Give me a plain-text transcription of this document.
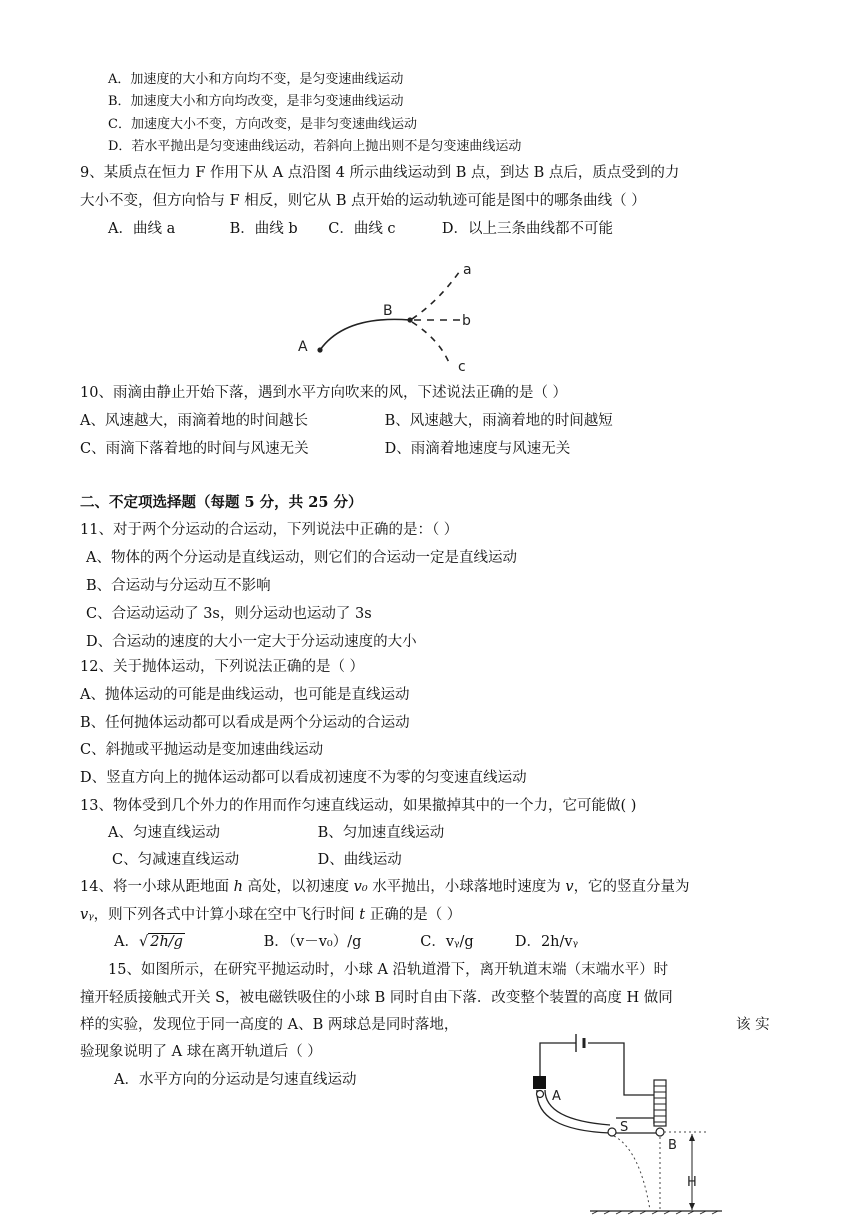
A．加速度的大小和方向均不变，是匀变速曲线运动
B．加速度大小和方向均改变，是非匀变速曲线运动
C．加速度大小不变，方向改变，是非匀变速曲线运动
D．若水平抛出是匀变速曲线运动，若斜向上抛出则不是匀变速曲线运动
9、某质点在恒力 F 作用下从 A 点沿图 4 所示曲线运动到 B 点，到达 B 点后，质点受到的力
大小不变，但方向恰与 F 相反，则它从 B 点开始的运动轨迹可能是图中的哪条曲线（ ）
A．曲线 a	B．曲线 b C．曲线 c	D．以上三条曲线都不可能
a
b
c
A
B
10、雨滴由静止开始下落，遇到水平方向吹来的风，下述说法正确的是（ ）
A、风速越大，雨滴着地的时间越长	B、风速越大，雨滴着地的时间越短
C、雨滴下落着地的时间与风速无关	D、雨滴着地速度与风速无关
二、不定项选择题（每题 5 分，共 25 分）
11、对于两个分运动的合运动，下列说法中正确的是：（ ）
A、物体的两个分运动是直线运动，则它们的合运动一定是直线运动
B、合运动与分运动互不影响
C、合运动运动了 3s，则分运动也运动了 3s
D、合运动的速度的大小一定大于分运动速度的大小
12、关于抛体运动，下列说法正确的是（ ）
A、抛体运动的可能是曲线运动，也可能是直线运动
B、任何抛体运动都可以看成是两个分运动的合运动
C、斜抛或平抛运动是变加速曲线运动
D、竖直方向上的抛体运动都可以看成初速度不为零的匀变速直线运动
13、物体受到几个外力的作用而作匀速直线运动，如果撤掉其中的一个力，它可能做( )
A、匀速直线运动	B、匀加速直线运动
C、匀减速直线运动	D、曲线运动
14、将一小球从距地面 h 高处，以初速度 v₀ 水平抛出，小球落地时速度为 v，它的竖直分量为
vᵧ，则下列各式中计算小球在空中飞行时间 t 正确的是（ ）
A．√ 2h/g	B．（v－v₀）/g	C．vᵧ/g	D．2h/vᵧ
15、如图所示，在研究平抛运动时，小球 A 沿轨道滑下，离开轨道末端（末端水平）时
撞开轻质接触式开关 S，被电磁铁吸住的小球 B 同时自由下落．改变整个装置的高度 H 做同
样的实验，发现位于同一高度的 A、B 两球总是同时落地，	该 实
验现象说明了 A 球在离开轨道后（ ）
A．水平方向的分运动是匀速直线运动
A
S
B
H
